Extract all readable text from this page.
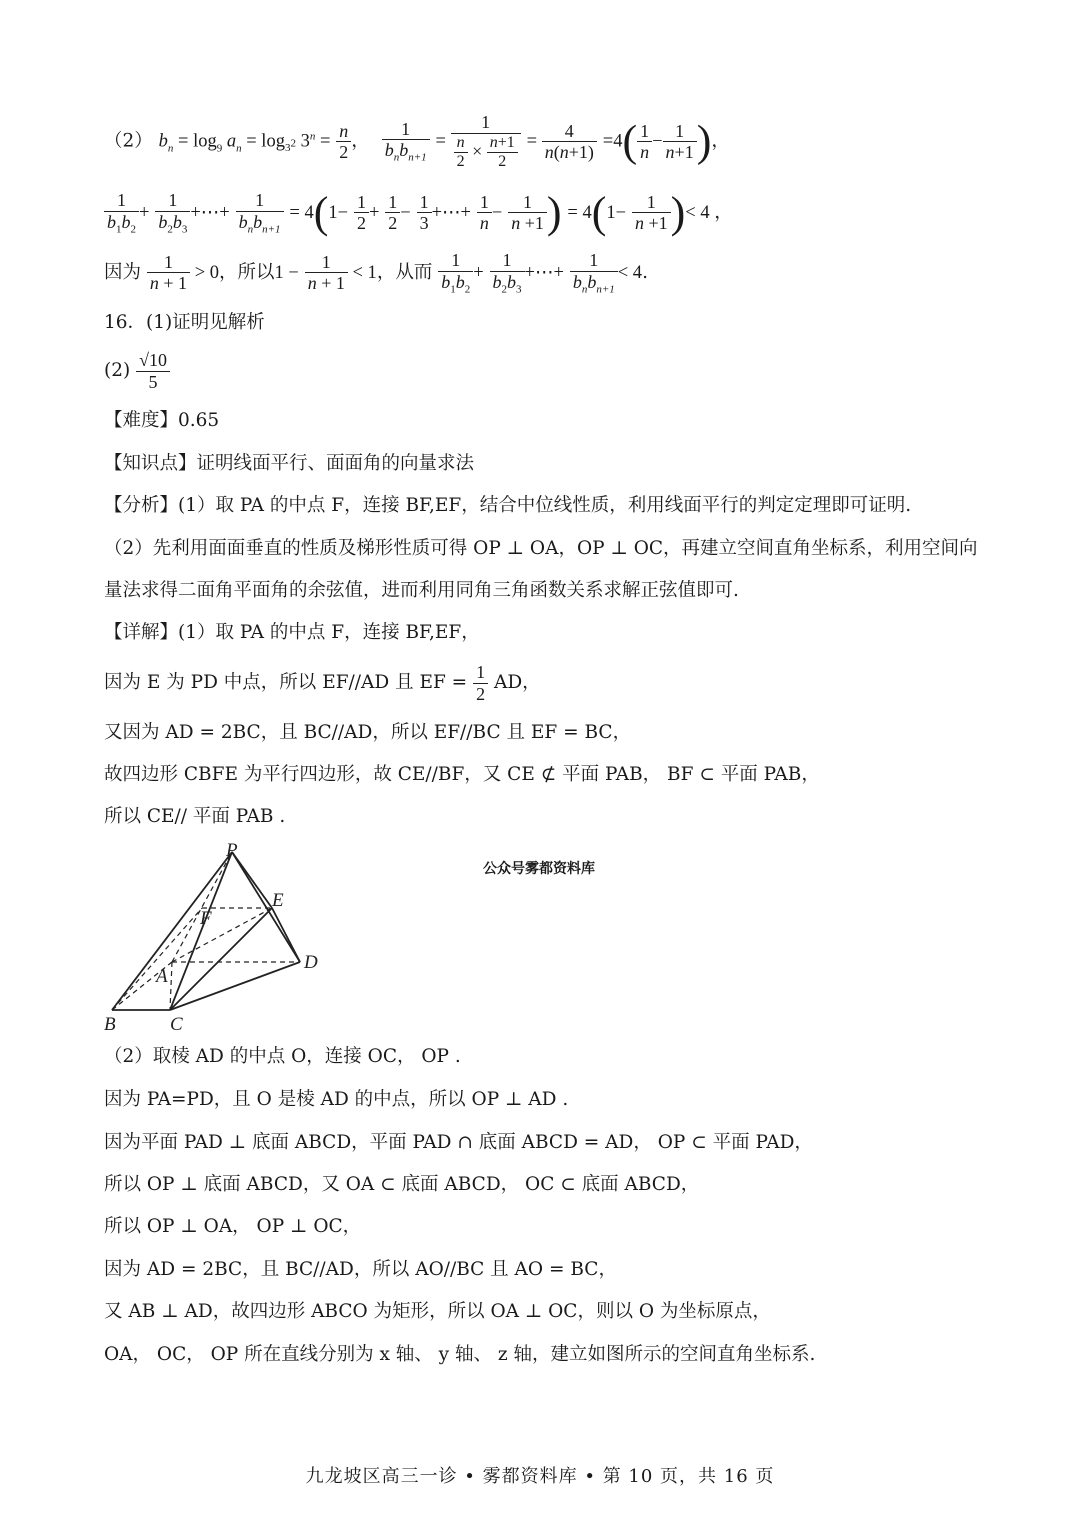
（2） $b_n = \log_9 a_n = \log_{3^2} 3^n = \frac{n}{2}$ ， $\frac{1}{b_nb_{n+1}} = \frac{1}{\frac{n}{2} \times \frac{n+1}{2}} = \frac{4}{n(n+1)} =4( \frac{1}{n} - \frac{1}{n+1}$ )，
$\frac{1}{b_1b_2} + \frac{1}{b_2b_3}$ +⋯+ $\frac{1}{b_nb_{n+1}} = 4(1- \frac{1}{2} + \frac{1}{2} - \frac{1}{3}$ +⋯+ $\frac{1}{n} - \frac{1}{n +1}$ ) = $4(1- \frac{1}{n +1}$ )< 4 ，
因为 $\frac{1}{n + 1} > 0$，所以$1 - \frac{1}{n + 1} < 1$，从而 $\frac{1}{b_1b_2} + \frac{1}{b_2b_3}$ +⋯+ $\frac{1}{b_nb_{n+1}} < 4$.
16．(1)证明见解析
$(2) \frac{√10}{5}$
【难度】0.65
【知识点】证明线面平行、面面角的向量求法
【分析】(1）取 PA 的中点 F，连接 BF,EF，结合中位线性质，利用线面平行的判定定理即可证明.
（2）先利用面面垂直的性质及梯形性质可得 OP ⊥ OA，OP ⊥ OC，再建立空间直角坐标系，利用空间向
量法求得二面角平面角的余弦值，进而利用同角三角函数关系求解正弦值即可.
【详解】(1）取 PA 的中点 F，连接 BF,EF，
因为 E 为 PD 中点，所以 EF//AD 且 EF = $\frac{1}{2}$ AD，
又因为 AD = 2BC，且 BC//AD，所以 EF//BC 且 EF = BC，
故四边形 CBFE 为平行四边形，故 CE//BF，又 CE ⊄ 平面 PAB， BF ⊂ 平面 PAB，
所以 CE// 平面 PAB .
P
E
F
A
D
B	C
公众号雾都资料库
（2）取棱 AD 的中点 O，连接 OC， OP .
因为 PA=PD，且 O 是棱 AD 的中点，所以 OP ⊥ AD .
因为平面 PAD ⊥ 底面 ABCD，平面 PAD ∩ 底面 ABCD = AD， OP ⊂ 平面 PAD，
所以 OP ⊥ 底面 ABCD，又 OA ⊂ 底面 ABCD， OC ⊂ 底面 ABCD，
所以 OP ⊥ OA， OP ⊥ OC，
因为 AD = 2BC，且 BC//AD，所以 AO//BC 且 AO = BC，
又 AB ⊥ AD，故四边形 ABCO 为矩形，所以 OA ⊥ OC，则以 O 为坐标原点，
OA， OC， OP 所在直线分别为 x 轴、 y 轴、 z 轴，建立如图所示的空间直角坐标系.
九龙坡区高三一诊 • 雾都资料库 • 第 10 页，共 16 页
